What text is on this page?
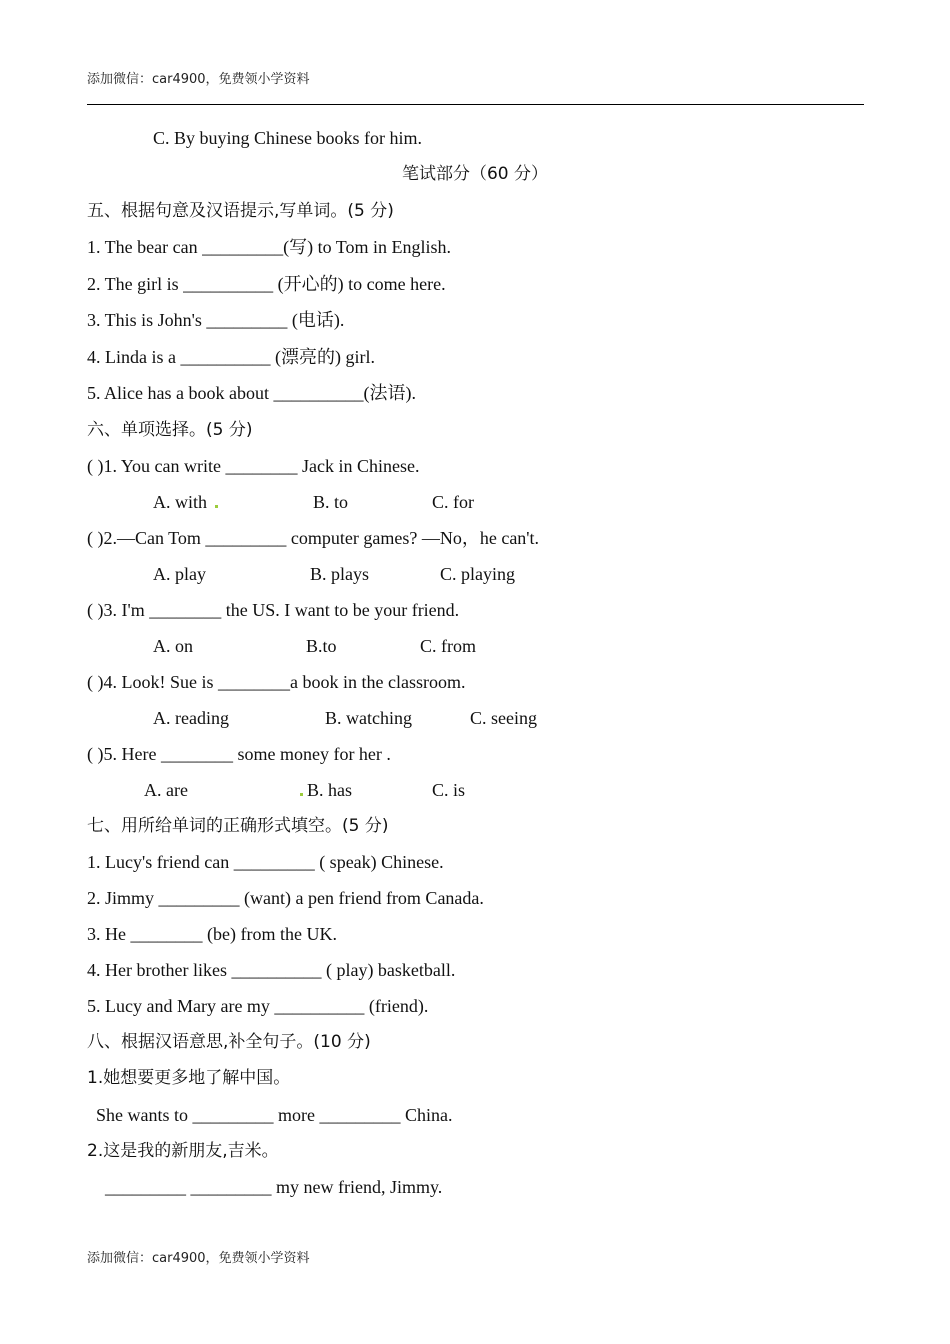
添加微信：car4900，免费领小学资料
C. By buying Chinese books for him.
笔试部分（60 分）
五、根据句意及汉语提示,写单词。(5 分)
1. The bear can _________(写) to Tom in English.
2. The girl is __________ (开心的) to come here.
3. This is John's _________ (电话).
4. Linda is a __________ (漂亮的) girl.
5. Alice has a book about __________(法语).
六、单项选择。(5 分)
( )1. You can write ________ Jack in Chinese.
A. with	B. to	C. for
( )2.—Can Tom _________ computer games? —No，he can't.
A. play	B. plays	C. playing
( )3. I'm ________ the US. I want to be your friend.
A. on	B.to	C. from
( )4. Look! Sue is ________a book in the classroom.
A. reading	B. watching	C. seeing
( )5. Here ________ some money for her .
A. are	B. has	C. is
七、用所给单词的正确形式填空。(5 分)
1. Lucy's friend can _________ ( speak) Chinese.
2. Jimmy _________ (want) a pen friend from Canada.
3. He ________ (be) from the UK.
4. Her brother likes __________ ( play) basketball.
5. Lucy and Mary are my __________ (friend).
八、根据汉语意思,补全句子。(10 分)
1.她想要更多地了解中国。
She wants to _________ more _________ China.
2.这是我的新朋友,吉米。
_________ _________ my new friend, Jimmy.
添加微信：car4900，免费领小学资料
